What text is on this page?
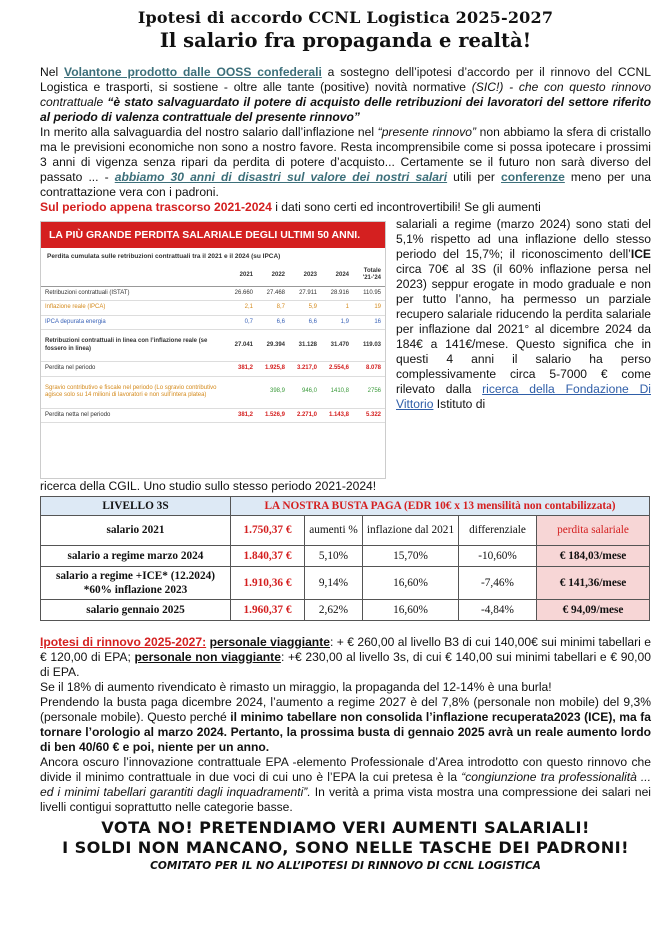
Ipotesi di accordo CCNL Logistica 2025-2027
Il salario fra propaganda e realtà!

Nel Volantone prodotto dalle OOSS confederali a sostegno dell’ipotesi d’accordo per il rinnovo del CCNL Logistica e trasporti, si sostiene - oltre alle tante (positive) novità normative (SIC!) - che con questo rinnovo contrattuale “è stato salvaguardato il potere di acquisto delle retribuzioni dei lavoratori del settore riferito al periodo di valenza contrattuale del presente rinnovo”

In merito alla salvaguardia del nostro salario dall’inflazione nel “presente rinnovo” non abbiamo la sfera di cristallo ma le previsioni economiche non sono a nostro favore. Resta incomprensibile come si possa ipotecare i prossimi 3 anni di vigenza senza ripari da perdita di potere d’acquisto... Certamente se il futuro non sarà diverso del passato ... - abbiamo 30 anni di disastri sul valore dei nostri salari utili per conferenze meno per una contrattazione vera con i padroni.

Sul periodo appena trascorso 2021-2024 i dati sono certi ed incontrovertibili! Se gli aumenti

LA PIÙ GRANDE PERDITA SALARIALE DEGLI ULTIMI 50 ANNI.
Perdita cumulata sulle retribuzioni contrattuali tra il 2021 e il 2024 (su IPCA)
	2021	2022	2023	2024	Totale '21-'24
Retribuzioni contrattuali (ISTAT)	26.660	27.468	27.911	28.916	110.95
Inflazione reale (IPCA)	2,1	8,7	5,9	1	19
IPCA depurata energia	0,7	6,6	6,6	1,9	16
Retribuzioni contrattuali in linea con l’inflazione reale (se fossero in linea)	27.041	29.394	31.128	31.470	119.03
Perdita nel periodo	381,2	1.925,8	3.217,0	2.554,6	8.078
Sgravio contributivo e fiscale nel periodo (Lo sgravio contributivo agisce solo su 14 milioni di lavoratori e non sull’intera platea)		398,9	946,0	1410,8	2756
Perdita netta nel periodo	381,2	1.526,9	2.271,0	1.143,8	5.322

salariali a regime (marzo 2024) sono stati del 5,1% rispetto ad una inflazione dello stesso periodo del 15,7%; il riconoscimento dell’ICE circa 70€ al 3S (il 60% inflazione persa nel 2023) seppur erogate in modo graduale e non per tutto l’anno, ha permesso un parziale recupero salariale riducendo la perdita salariale per inflazione dal 2021° al dicembre 2024 da 184€ a 141€/mese. Questo significa che in questi 4 anni il salario ha perso complessivamente circa 5-7000 € come rilevato dalla ricerca della Fondazione Di Vittorio Istituto di

ricerca della CGIL. Uno studio sullo stesso periodo 2021-2024!

LIVELLO 3S	LA NOSTRA BUSTA PAGA (EDR 10€ x 13 mensilità non contabilizzata)				
salario 2021	1.750,37 €	aumenti %	inflazione dal 2021	differenziale	perdita salariale
salario a regime marzo 2024	1.840,37 €	5,10%	15,70%	-10,60%	€ 184,03/mese
salario a regime +ICE* (12.2024) *60% inflazione 2023	1.910,36 €	9,14%	16,60%	-7,46%	€ 141,36/mese
salario gennaio 2025	1.960,37 €	2,62%	16,60%	-4,84%	€ 94,09/mese

Ipotesi di rinnovo 2025-2027: personale viaggiante: + € 260,00 al livello B3 di cui 140,00€ sui minimi tabellari e € 120,00 di EPA; personale non viaggiante: +€ 230,00 al livello 3s, di cui € 140,00 sui minimi tabellari e € 90,00 di EPA.

Se il 18% di aumento rivendicato è rimasto un miraggio, la propaganda del 12-14% è una burla!

Prendendo la busta paga dicembre 2024, l’aumento a regime 2027 è del 7,8% (personale non mobile) del 9,3% (personale mobile). Questo perché il minimo tabellare non consolida l’inflazione recuperata2023 (ICE), ma fa tornare l’orologio al marzo 2024. Pertanto, la prossima busta di gennaio 2025 avrà un reale aumento lordo di ben 40/60 € e poi, niente per un anno.

Ancora oscuro l’innovazione contrattuale EPA -elemento Professionale d’Area introdotto con questo rinnovo che divide il minimo contrattuale in due voci di cui uno è l’EPA la cui pretesa è la “congiunzione tra professionalità ... ed i minimi tabellari garantiti dagli inquadramenti”. In verità a prima vista mostra una compressione dei salari nei livelli contigui soprattutto nelle categorie basse.

VOTA NO! PRETENDIAMO VERI AUMENTI SALARIALI!
I SOLDI NON MANCANO, SONO NELLE TASCHE DEI PADRONI!
COMITATO PER IL NO ALL’IPOTESI DI RINNOVO DI CCNL LOGISTICA
